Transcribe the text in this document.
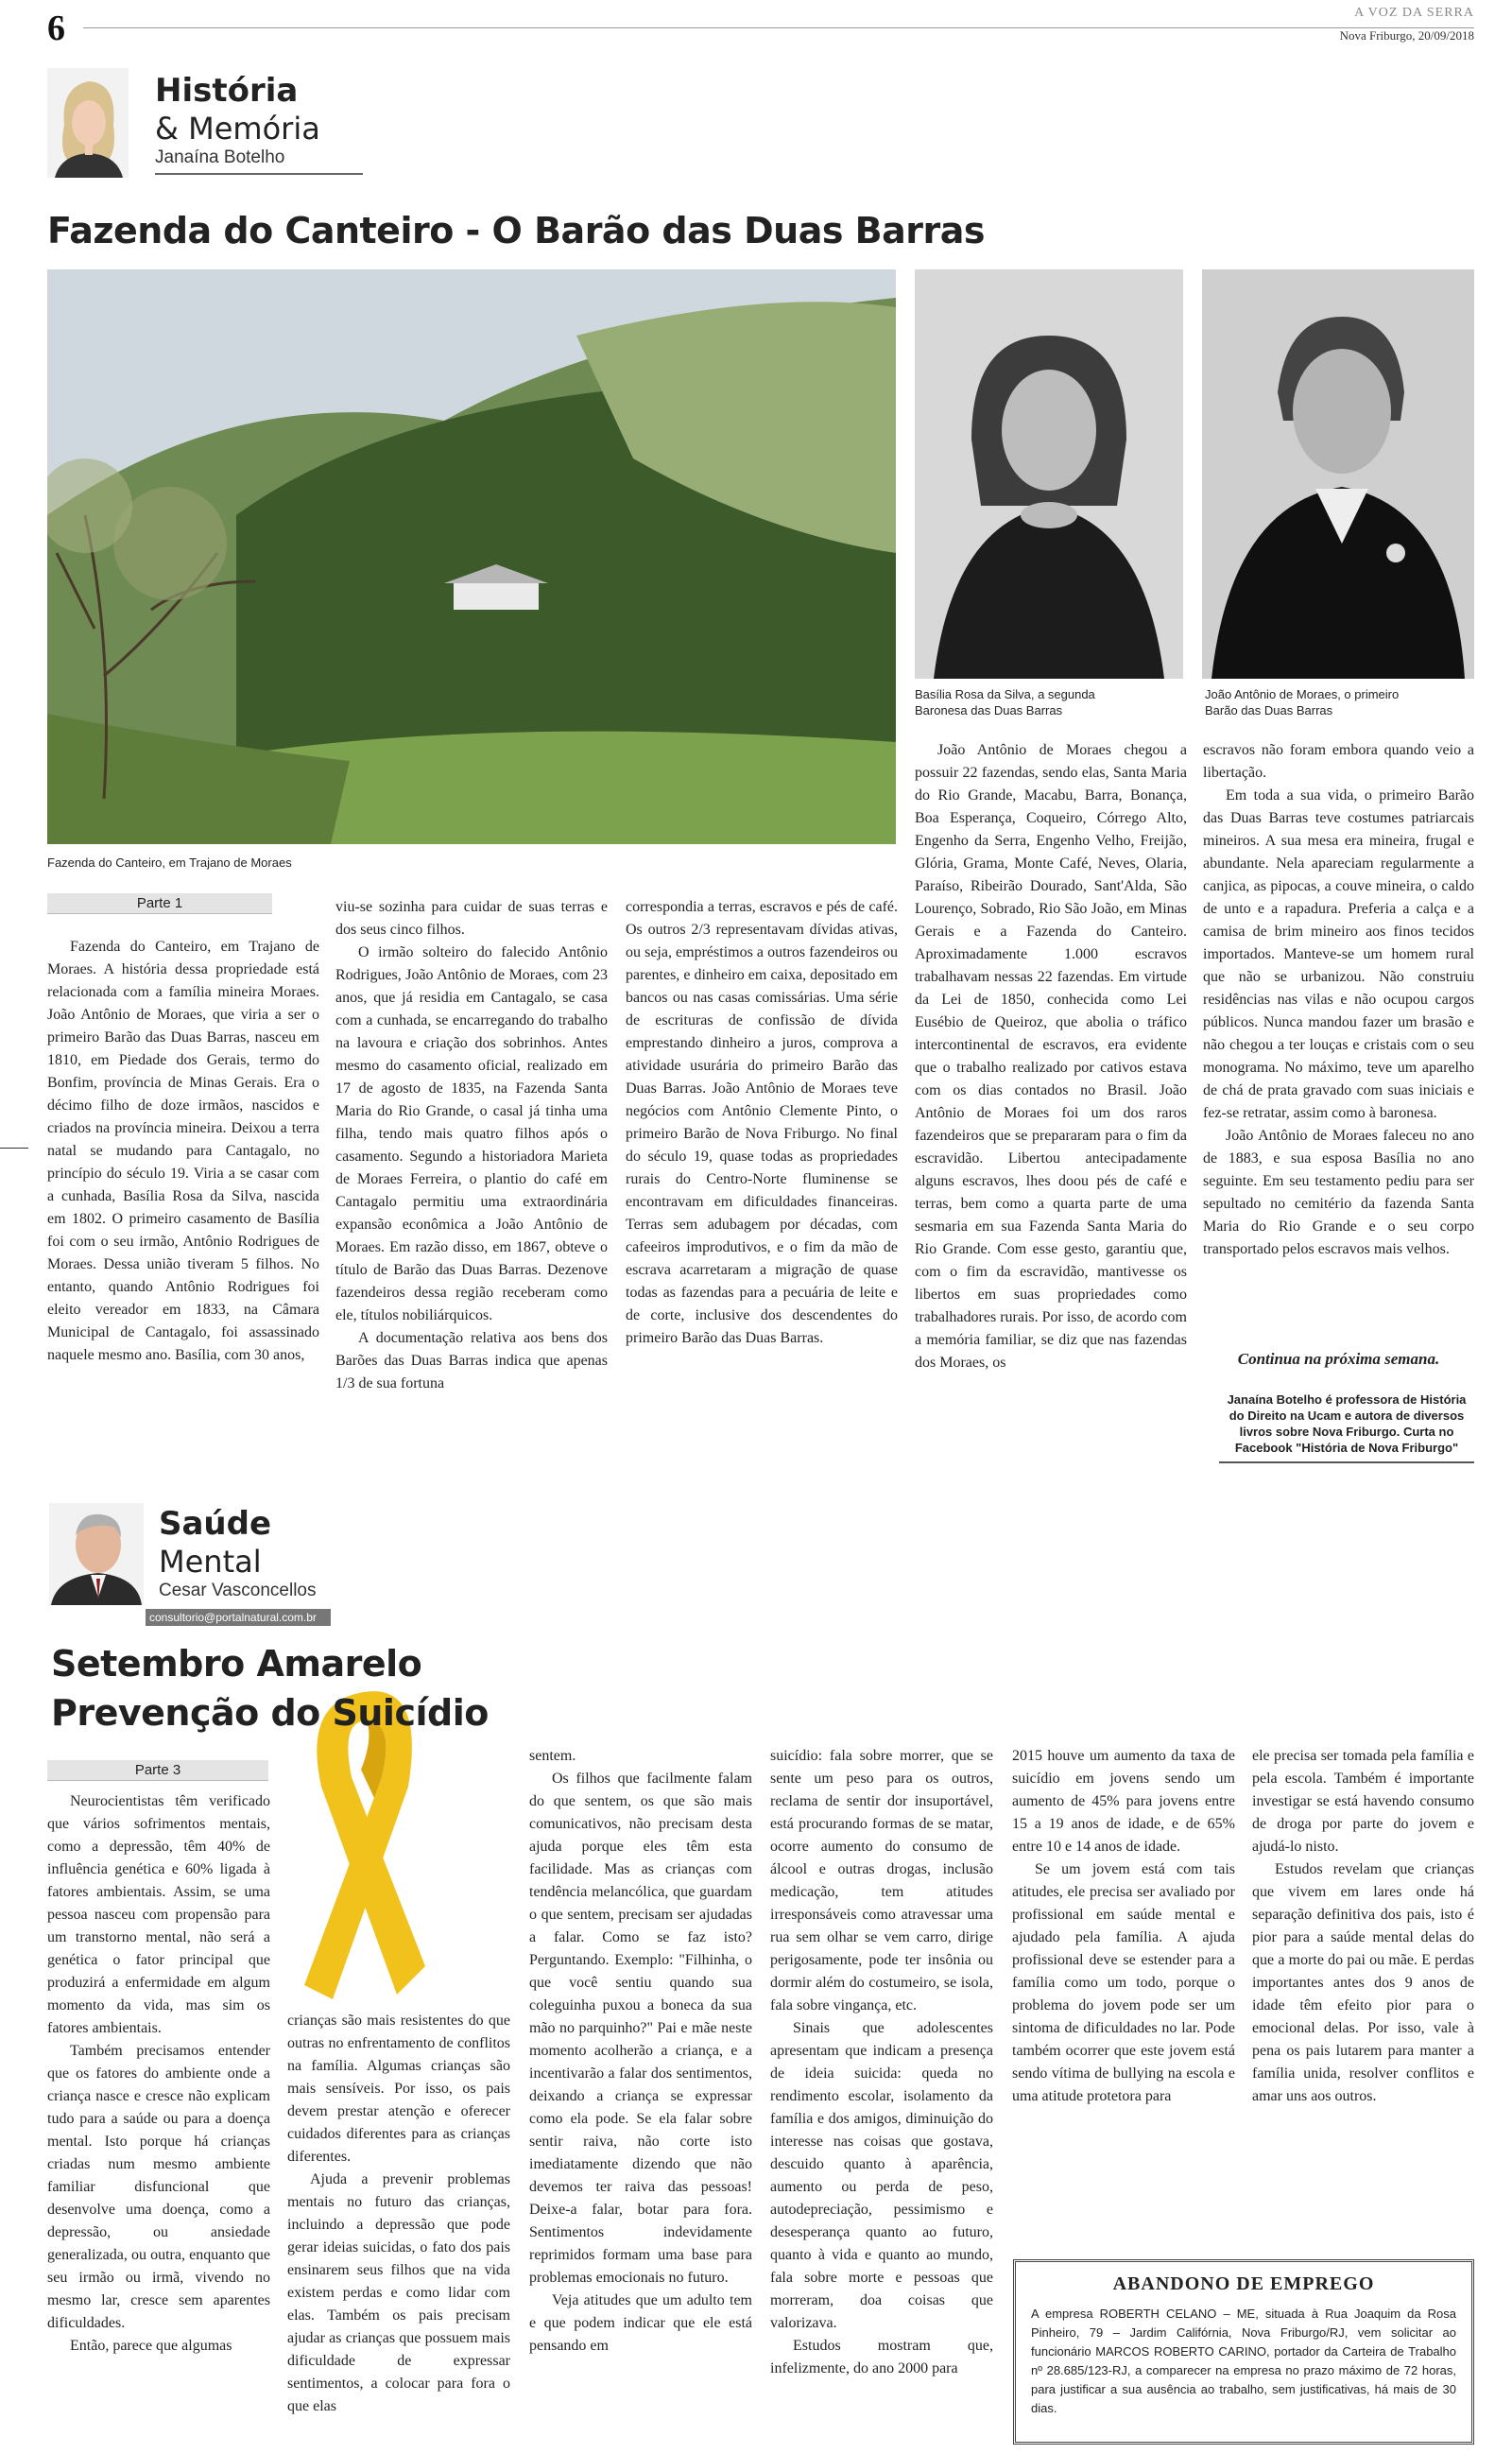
6	A VOZ DA SERRA
Nova Friburgo, 20/09/2018
História
& Memória
Janaína Botelho
Fazenda do Canteiro - O Barão das Duas Barras
Fazenda do Canteiro, em Trajano de Moraes
Basília Rosa da Silva, a segunda Baronesa das Duas Barras
João Antônio de Moraes, o primeiro Barão das Duas Barras
Parte 1

Fazenda do Canteiro, em Trajano de Moraes. A história dessa propriedade está relacionada com a família mineira Moraes. João Antônio de Moraes, que viria a ser o primeiro Barão das Duas Barras, nasceu em 1810, em Piedade dos Gerais, termo do Bonfim, província de Minas Gerais. Era o décimo filho de doze irmãos, nascidos e criados na província mineira. Deixou a terra natal se mudando para Cantagalo, no princípio do século 19. Viria a se casar com a cunhada, Basília Rosa da Silva, nascida em 1802. O primeiro casamento de Basília foi com o seu irmão, Antônio Rodrigues de Moraes. Dessa união tiveram 5 filhos. No entanto, quando Antônio Rodrigues foi eleito vereador em 1833, na Câmara Municipal de Cantagalo, foi assassinado naquele mesmo ano. Basília, com 30 anos,

viu-se sozinha para cuidar de suas terras e dos seus cinco filhos.

O irmão solteiro do falecido Antônio Rodrigues, João Antônio de Moraes, com 23 anos, que já residia em Cantagalo, se casa com a cunhada, se encarregando do trabalho na lavoura e criação dos sobrinhos. Antes mesmo do casamento oficial, realizado em 17 de agosto de 1835, na Fazenda Santa Maria do Rio Grande, o casal já tinha uma filha, tendo mais quatro filhos após o casamento. Segundo a historiadora Marieta de Moraes Ferreira, o plantio do café em Cantagalo permitiu uma extraordinária expansão econômica a João Antônio de Moraes. Em razão disso, em 1867, obteve o título de Barão das Duas Barras. Dezenove fazendeiros dessa região receberam como ele, títulos nobiliárquicos.

A documentação relativa aos bens dos Barões das Duas Barras indica que apenas 1/3 de sua fortuna

correspondia a terras, escravos e pés de café. Os outros 2/3 representavam dívidas ativas, ou seja, empréstimos a outros fazendeiros ou parentes, e dinheiro em caixa, depositado em bancos ou nas casas comissárias. Uma série de escrituras de confissão de dívida emprestando dinheiro a juros, comprova a atividade usurária do primeiro Barão das Duas Barras. João Antônio de Moraes teve negócios com Antônio Clemente Pinto, o primeiro Barão de Nova Friburgo. No final do século 19, quase todas as propriedades rurais do Centro-Norte fluminense se encontravam em dificuldades financeiras. Terras sem adubagem por décadas, com cafeeiros improdutivos, e o fim da mão de escrava acarretaram a migração de quase todas as fazendas para a pecuária de leite e de corte, inclusive dos descendentes do primeiro Barão das Duas Barras.

João Antônio de Moraes chegou a possuir 22 fazendas, sendo elas, Santa Maria do Rio Grande, Macabu, Barra, Bonança, Boa Esperança, Coqueiro, Córrego Alto, Engenho da Serra, Engenho Velho, Freijão, Glória, Grama, Monte Café, Neves, Olaria, Paraíso, Ribeirão Dourado, Sant'Alda, São Lourenço, Sobrado, Rio São João, em Minas Gerais e a Fazenda do Canteiro. Aproximadamente 1.000 escravos trabalhavam nessas 22 fazendas. Em virtude da Lei de 1850, conhecida como Lei Eusébio de Queiroz, que abolia o tráfico intercontinental de escravos, era evidente que o trabalho realizado por cativos estava com os dias contados no Brasil. João Antônio de Moraes foi um dos raros fazendeiros que se prepararam para o fim da escravidão. Libertou antecipadamente alguns escravos, lhes doou pés de café e terras, bem como a quarta parte de uma sesmaria em sua Fazenda Santa Maria do Rio Grande. Com esse gesto, garantiu que, com o fim da escravidão, mantivesse os libertos em suas propriedades como trabalhadores rurais. Por isso, de acordo com a memória familiar, se diz que nas fazendas dos Moraes, os

escravos não foram embora quando veio a libertação.

Em toda a sua vida, o primeiro Barão das Duas Barras teve costumes patriarcais mineiros. A sua mesa era mineira, frugal e abundante. Nela apareciam regularmente a canjica, as pipocas, a couve mineira, o caldo de unto e a rapadura. Preferia a calça e a camisa de brim mineiro aos finos tecidos importados. Manteve-se um homem rural que não se urbanizou. Não construiu residências nas vilas e não ocupou cargos públicos. Nunca mandou fazer um brasão e não chegou a ter louças e cristais com o seu monograma. No máximo, teve um aparelho de chá de prata gravado com suas iniciais e fez-se retratar, assim como à baronesa.

João Antônio de Moraes faleceu no ano de 1883, e sua esposa Basília no ano seguinte. Em seu testamento pediu para ser sepultado no cemitério da fazenda Santa Maria do Rio Grande e o seu corpo transportado pelos escravos mais velhos.

Continua na próxima semana.
Janaína Botelho é professora de História do Direito na Ucam e autora de diversos livros sobre Nova Friburgo. Curta no Facebook "História de Nova Friburgo"
Saúde
Mental
Cesar Vasconcellos
consultorio@portalnatural.com.br
Setembro Amarelo
Prevenção do Suicídio
Parte 3

Neurocientistas têm verificado que vários sofrimentos mentais, como a depressão, têm 40% de influência genética e 60% ligada à fatores ambientais. Assim, se uma pessoa nasceu com propensão para um transtorno mental, não será a genética o fator principal que produzirá a enfermidade em algum momento da vida, mas sim os fatores ambientais.

Também precisamos entender que os fatores do ambiente onde a criança nasce e cresce não explicam tudo para a saúde ou para a doença mental. Isto porque há crianças criadas num mesmo ambiente familiar disfuncional que desenvolve uma doença, como a depressão, ou ansiedade generalizada, ou outra, enquanto que seu irmão ou irmã, vivendo no mesmo lar, cresce sem aparentes dificuldades.

Então, parece que algumas

crianças são mais resistentes do que outras no enfrentamento de conflitos na família. Algumas crianças são mais sensíveis. Por isso, os pais devem prestar atenção e oferecer cuidados diferentes para as crianças diferentes.

Ajuda a prevenir problemas mentais no futuro das crianças, incluindo a depressão que pode gerar ideias suicidas, o fato dos pais ensinarem seus filhos que na vida existem perdas e como lidar com elas. Também os pais precisam ajudar as crianças que possuem mais dificuldade de expressar sentimentos, a colocar para fora o que elas

sentem.

Os filhos que facilmente falam do que sentem, os que são mais comunicativos, não precisam desta ajuda porque eles têm esta facilidade. Mas as crianças com tendência melancólica, que guardam o que sentem, precisam ser ajudadas a falar. Como se faz isto? Perguntando. Exemplo: "Filhinha, o que você sentiu quando sua coleguinha puxou a boneca da sua mão no parquinho?" Pai e mãe neste momento acolherão a criança, e a incentivarão a falar dos sentimentos, deixando a criança se expressar como ela pode. Se ela falar sobre sentir raiva, não corte isto imediatamente dizendo que não devemos ter raiva das pessoas! Deixe-a falar, botar para fora. Sentimentos indevidamente reprimidos formam uma base para problemas emocionais no futuro.

Veja atitudes que um adulto tem e que podem indicar que ele está pensando em

suicídio: fala sobre morrer, que se sente um peso para os outros, reclama de sentir dor insuportável, está procurando formas de se matar, ocorre aumento do consumo de álcool e outras drogas, inclusão medicação, tem atitudes irresponsáveis como atravessar uma rua sem olhar se vem carro, dirige perigosamente, pode ter insônia ou dormir além do costumeiro, se isola, fala sobre vingança, etc.

Sinais que adolescentes apresentam que indicam a presença de ideia suicida: queda no rendimento escolar, isolamento da família e dos amigos, diminuição do interesse nas coisas que gostava, descuido quanto à aparência, aumento ou perda de peso, autodepreciação, pessimismo e desesperança quanto ao futuro, quanto à vida e quanto ao mundo, fala sobre morte e pessoas que morreram, doa coisas que valorizava.

Estudos mostram que, infelizmente, do ano 2000 para

2015 houve um aumento da taxa de suicídio em jovens sendo um aumento de 45% para jovens entre 15 a 19 anos de idade, e de 65% entre 10 e 14 anos de idade.

Se um jovem está com tais atitudes, ele precisa ser avaliado por profissional em saúde mental e ajudado pela família. A ajuda profissional deve se estender para a família como um todo, porque o problema do jovem pode ser um sintoma de dificuldades no lar. Pode também ocorrer que este jovem está sendo vítima de bullying na escola e uma atitude protetora para

ele precisa ser tomada pela família e pela escola. Também é importante investigar se está havendo consumo de droga por parte do jovem e ajudá-lo nisto.

Estudos revelam que crianças que vivem em lares onde há separação definitiva dos pais, isto é pior para a saúde mental delas do que a morte do pai ou mãe. E perdas importantes antes dos 9 anos de idade têm efeito pior para o emocional delas. Por isso, vale à pena os pais lutarem para manter a família unida, resolver conflitos e amar uns aos outros.

ABANDONO DE EMPREGO

A empresa ROBERTH CELANO – ME, situada à Rua Joaquim da Rosa Pinheiro, 79 – Jardim Califórnia, Nova Friburgo/RJ, vem solicitar ao funcionário MARCOS ROBERTO CARINO, portador da Carteira de Trabalho nº 28.685/123-RJ, a comparecer na empresa no prazo máximo de 72 horas, para justificar a sua ausência ao trabalho, sem justificativas, há mais de 30 dias.
